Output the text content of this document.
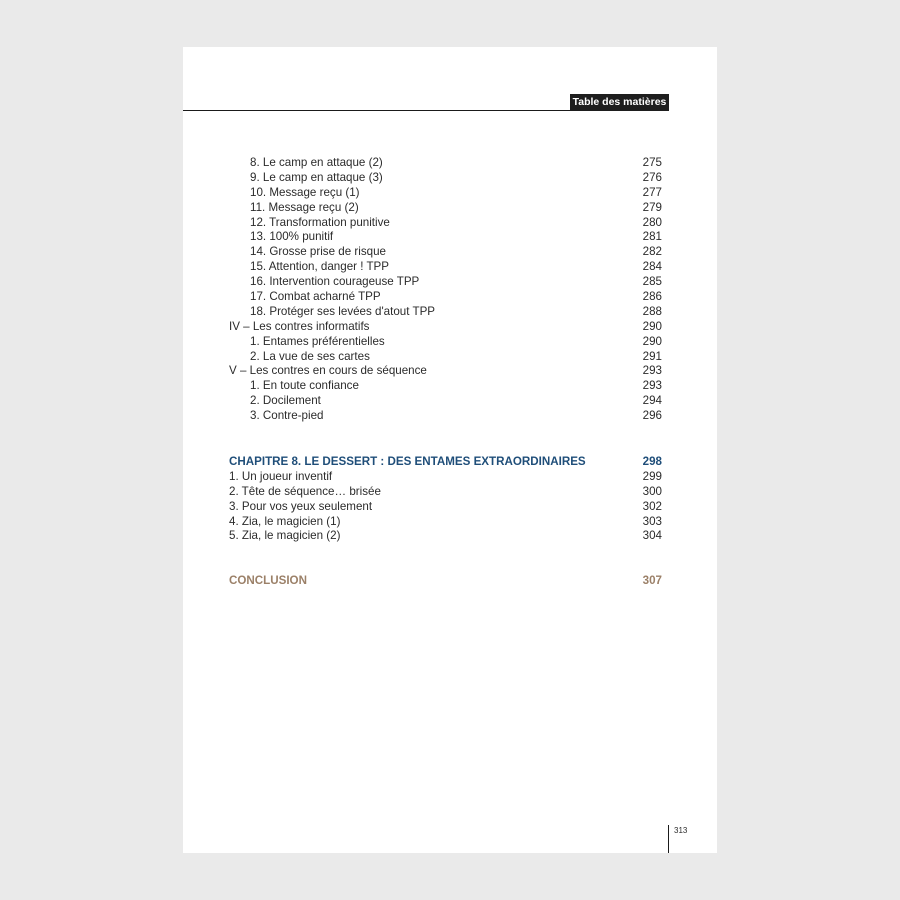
Table des matières
8. Le camp en attaque (2)	275
9. Le camp en attaque (3)	276
10. Message reçu (1)	277
11. Message reçu (2)	279
12. Transformation punitive	280
13. 100% punitif	281
14. Grosse prise de risque	282
15. Attention, danger ! TPP	284
16. Intervention courageuse TPP	285
17. Combat acharné TPP	286
18. Protéger ses levées d'atout TPP	288
IV – Les contres informatifs	290
1. Entames préférentielles	290
2. La vue de ses cartes	291
V – Les contres en cours de séquence	293
1. En toute confiance	293
2. Docilement	294
3. Contre-pied	296
CHAPITRE 8. LE DESSERT : DES ENTAMES EXTRAORDINAIRES	298
1. Un joueur inventif	299
2. Tête de séquence… brisée	300
3. Pour vos yeux seulement	302
4. Zia, le magicien (1)	303
5. Zia, le magicien (2)	304
CONCLUSION	307
313
